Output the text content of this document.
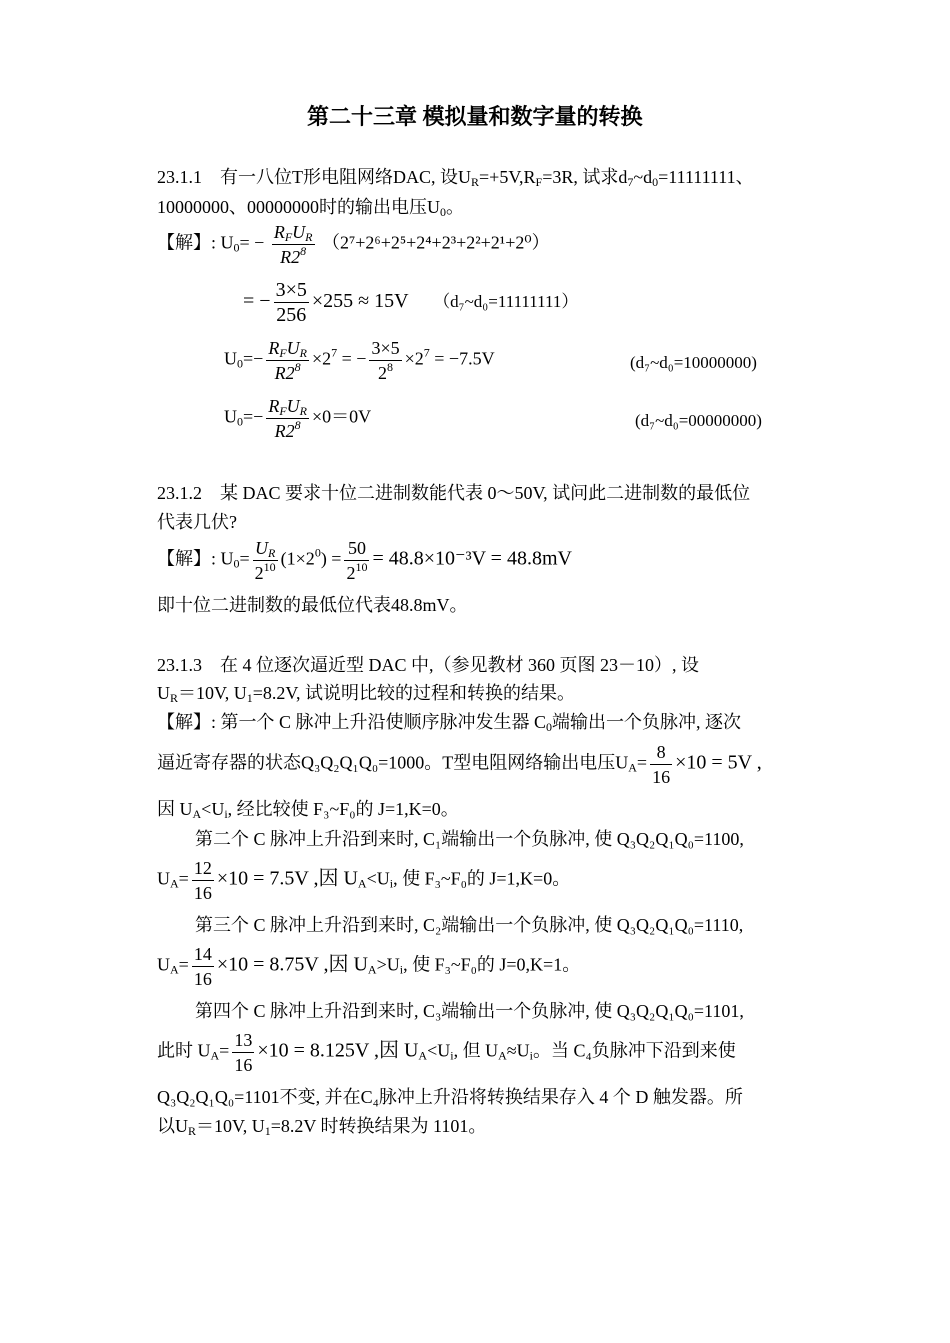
第二十三章 模拟量和数字量的转换
23.1.1　有一八位T形电阻网络DAC, 设$U_R=+5V,R_F=3R$, 试求$d_7\sim d_0=11111111$、
10000000、00000000时的输出电压$U_0$。
【解】: $U_0=$ −
$R_FU_R$
$R2^8$ （2⁷+2⁶+2⁵+2⁴+2³+2²+2¹+2⁰）
= − $\frac{3\times 5}{256} \times 255 \approx 15V$ （d₇~d₀=11111111）
$U_0=-$
$R_FU_R$
$R2^8 \times 2^7$ = − $\frac{3\times 5}{2^8} \times 2^7 = -7.5V$	(d₇~d₀=10000000)
$U_0=-$
$R_FU_R$
$R2^8 \times 0=0V$	(d₇~d₀=00000000)
23.1.2　某 DAC 要求十位二进制数能代表 0～50V, 试问此二进制数的最低位
代表几伏?
【解】: $U_0= \frac{U_R}{2^{10}} (1\times 2^0) = \frac{50}{2^{10}} = 48.8\times 10^{-3}V = 48.8mV$
即十位二进制数的最低位代表48.8mV。
23.1.3　在 4 位逐次逼近型 DAC 中,（参见教材 360 页图 23－10）, 设
$U_R=10V$, $U_1=8.2V$, 试说明比较的过程和转换的结果。
【解】: 第一个 C 脉冲上升沿使顺序脉冲发生器 $C_0$端输出一个负脉冲, 逐次
逼近寄存器的状态Q₃Q₂Q₁Q₀=1000。T型电阻网络输出电压$U_A= \frac{8}{16} \times 10 = 5V$ ,
因 $U_A<U_i$, 经比较使 F₃~F₀的 J=1,K=0。
第二个 C 脉冲上升沿到来时, C₁端输出一个负脉冲, 使 Q₃Q₂Q₁Q₀=1100,
$U_A= \frac{12}{16} \times 10 = 7.5V$ ,因 $U_A<U_i$, 使 F₃~F₀的 J=1,K=0。
第三个 C 脉冲上升沿到来时, C₂端输出一个负脉冲, 使 Q₃Q₂Q₁Q₀=1110,
$U_A= \frac{14}{16} \times 10 = 8.75V$ ,因 $U_A>U_i$, 使 F₃~F₀的 J=0,K=1。
第四个 C 脉冲上升沿到来时, C₃端输出一个负脉冲, 使 Q₃Q₂Q₁Q₀=1101,
此时 $U_A= \frac{13}{16} \times 10 = 8.125V$ ,因 $U_A<U_i$, 但 $U_A\approx U_i$。当 C₄负脉冲下沿到来使
Q₃Q₂Q₁Q₀=1101不变, 并在C₄脉冲上升沿将转换结果存入 4 个 D 触发器。所
以$U_R=10V$, $U_1=8.2V$ 时转换结果为 1101。
